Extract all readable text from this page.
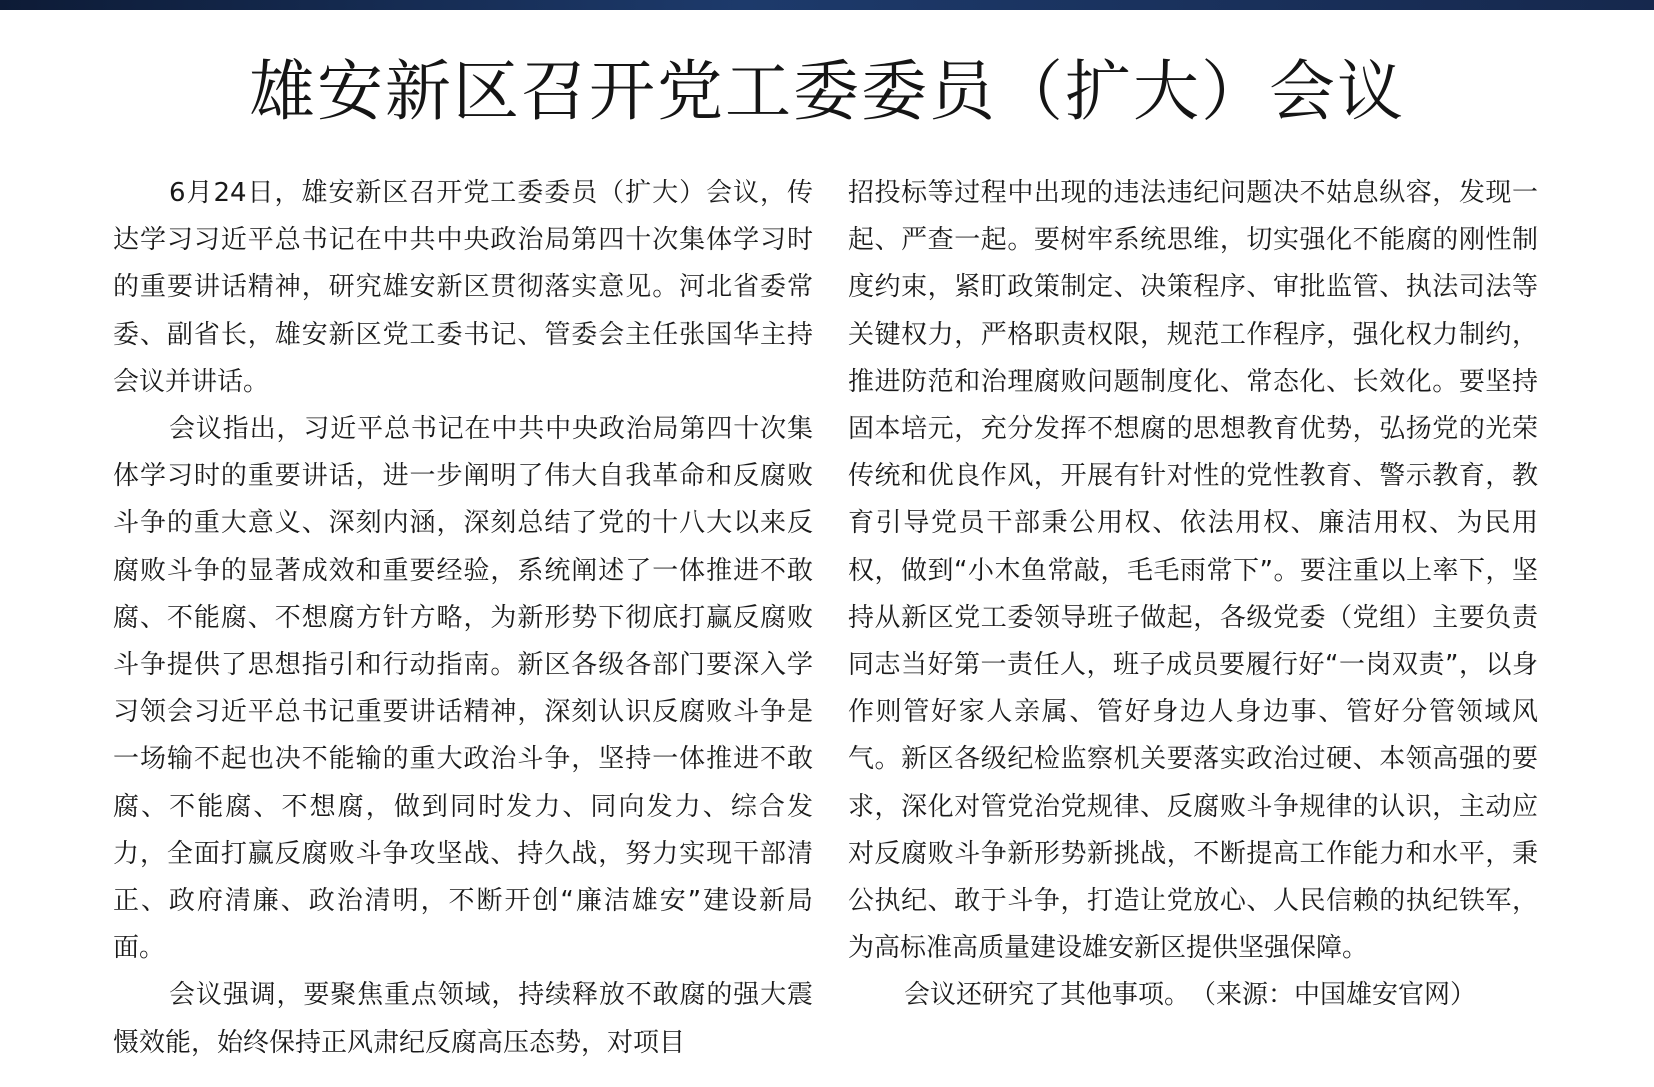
雄安新区召开党工委委员（扩大）会议

6月24日，雄安新区召开党工委委员（扩大）会议，传达学习习近平总书记在中共中央政治局第四十次集体学习时的重要讲话精神，研究雄安新区贯彻落实意见。河北省委常委、副省长，雄安新区党工委书记、管委会主任张国华主持会议并讲话。

会议指出，习近平总书记在中共中央政治局第四十次集体学习时的重要讲话，进一步阐明了伟大自我革命和反腐败斗争的重大意义、深刻内涵，深刻总结了党的十八大以来反腐败斗争的显著成效和重要经验，系统阐述了一体推进不敢腐、不能腐、不想腐方针方略，为新形势下彻底打赢反腐败斗争提供了思想指引和行动指南。新区各级各部门要深入学习领会习近平总书记重要讲话精神，深刻认识反腐败斗争是一场输不起也决不能输的重大政治斗争，坚持一体推进不敢腐、不能腐、不想腐，做到同时发力、同向发力、综合发力，全面打赢反腐败斗争攻坚战、持久战，努力实现干部清正、政府清廉、政治清明，不断开创“廉洁雄安”建设新局面。

会议强调，要聚焦重点领域，持续释放不敢腐的强大震慑效能，始终保持正风肃纪反腐高压态势，对项目

招投标等过程中出现的违法违纪问题决不姑息纵容，发现一起、严查一起。要树牢系统思维，切实强化不能腐的刚性制度约束，紧盯政策制定、决策程序、审批监管、执法司法等关键权力，严格职责权限，规范工作程序，强化权力制约，推进防范和治理腐败问题制度化、常态化、长效化。要坚持固本培元，充分发挥不想腐的思想教育优势，弘扬党的光荣传统和优良作风，开展有针对性的党性教育、警示教育，教育引导党员干部秉公用权、依法用权、廉洁用权、为民用权，做到“小木鱼常敲，毛毛雨常下”。要注重以上率下，坚持从新区党工委领导班子做起，各级党委（党组）主要负责同志当好第一责任人，班子成员要履行好“一岗双责”，以身作则管好家人亲属、管好身边人身边事、管好分管领域风气。新区各级纪检监察机关要落实政治过硬、本领高强的要求，深化对管党治党规律、反腐败斗争规律的认识，主动应对反腐败斗争新形势新挑战，不断提高工作能力和水平，秉公执纪、敢于斗争，打造让党放心、人民信赖的执纪铁军，为高标准高质量建设雄安新区提供坚强保障。

会议还研究了其他事项。　（来源：中国雄安官网）
